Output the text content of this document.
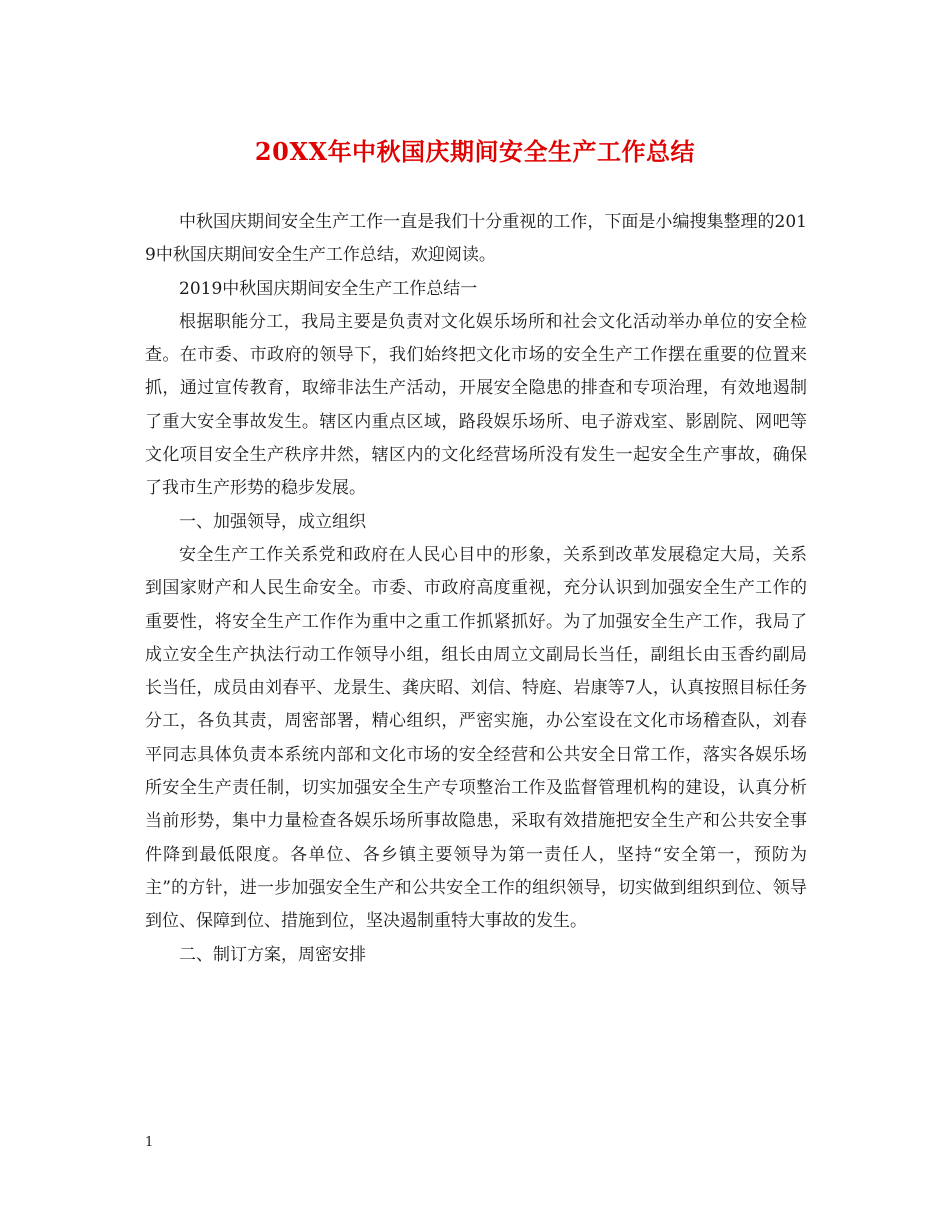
20XX年中秋国庆期间安全生产工作总结

中秋国庆期间安全生产工作一直是我们十分重视的工作，下面是小编搜集整理的2019中秋国庆期间安全生产工作总结，欢迎阅读。

2019中秋国庆期间安全生产工作总结一

根据职能分工，我局主要是负责对文化娱乐场所和社会文化活动举办单位的安全检查。在市委、市政府的领导下，我们始终把文化市场的安全生产工作摆在重要的位置来抓，通过宣传教育，取缔非法生产活动，开展安全隐患的排查和专项治理，有效地遏制了重大安全事故发生。辖区内重点区域，路段娱乐场所、电子游戏室、影剧院、网吧等文化项目安全生产秩序井然，辖区内的文化经营场所没有发生一起安全生产事故，确保了我市生产形势的稳步发展。

一、加强领导，成立组织

安全生产工作关系党和政府在人民心目中的形象，关系到改革发展稳定大局，关系到国家财产和人民生命安全。市委、市政府高度重视，充分认识到加强安全生产工作的重要性，将安全生产工作作为重中之重工作抓紧抓好。为了加强安全生产工作，我局了成立安全生产执法行动工作领导小组，组长由周立文副局长当任，副组长由玉香约副局长当任，成员由刘春平、龙景生、龚庆昭、刘信、特庭、岩康等7人，认真按照目标任务分工，各负其责，周密部署，精心组织，严密实施，办公室设在文化市场稽查队，刘春平同志具体负责本系统内部和文化市场的安全经营和公共安全日常工作，落实各娱乐场所安全生产责任制，切实加强安全生产专项整治工作及监督管理机构的建设，认真分析当前形势，集中力量检查各娱乐场所事故隐患，采取有效措施把安全生产和公共安全事件降到最低限度。各单位、各乡镇主要领导为第一责任人，坚持“安全第一，预防为主”的方针，进一步加强安全生产和公共安全工作的组织领导，切实做到组织到位、领导到位、保障到位、措施到位，坚决遏制重特大事故的发生。

二、制订方案，周密安排

1
